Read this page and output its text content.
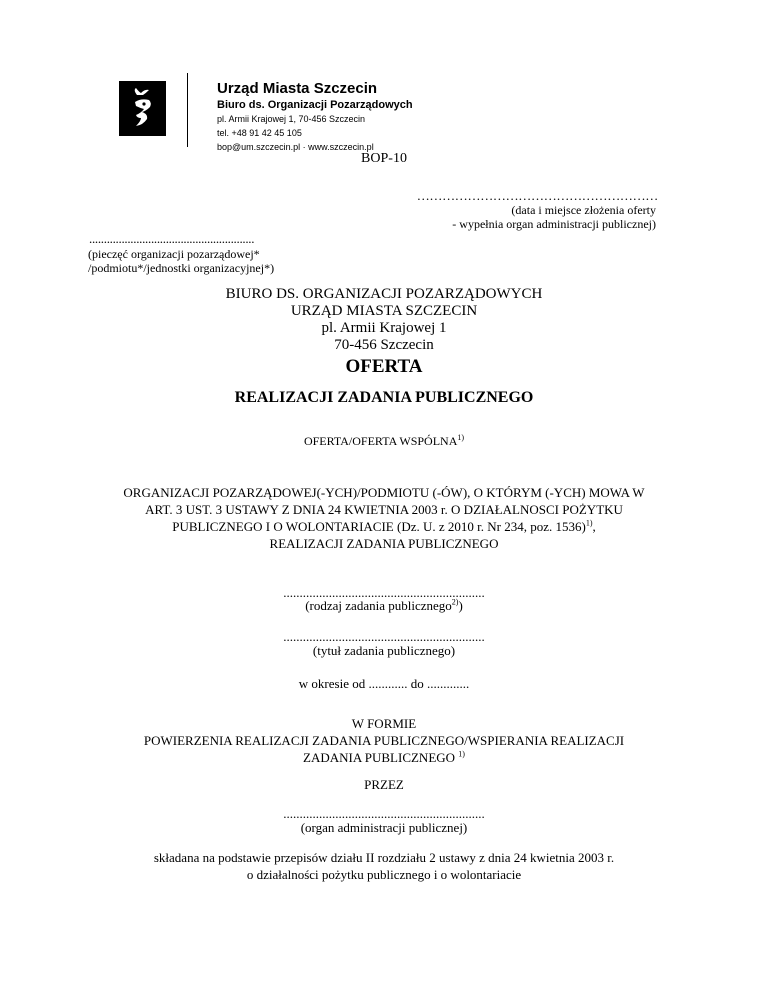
Urząd Miasta Szczecin

Biuro ds. Organizacji Pozarządowych

pl. Armii Krajowej 1, 70-456 Szczecin

tel. +48 91 42 45 105

bop@um.szczecin.pl · www.szczecin.pl

BOP-10
…………………………………………………
(data i miejsce złożenia oferty
- wypełnia organ administracji publicznej)
........................................................
(pieczęć organizacji pozarządowej*
/podmiotu*/jednostki organizacyjnej*)
BIURO DS. ORGANIZACJI POZARZĄDOWYCH
URZĄD MIASTA SZCZECIN
pl. Armii Krajowej 1
70-456 Szczecin
OFERTA
REALIZACJI ZADANIA PUBLICZNEGO
OFERTA/OFERTA WSPÓLNA$^{1)}$
ORGANIZACJI POZARZĄDOWEJ(-YCH)/PODMIOTU (-ÓW), O KTÓRYM (-YCH) MOWA W
ART. 3 UST. 3 USTAWY Z DNIA 24 KWIETNIA 2003 r. O DZIAŁALNOSCI POŻYTKU
PUBLICZNEGO I O WOLONTARIACIE (Dz. U. z 2010 r. Nr 234, poz. 1536)$^{1)}$,
REALIZACJI ZADANIA PUBLICZNEGO
..............................................................
(rodzaj zadania publicznego$^{2)}$)
..............................................................
(tytuł zadania publicznego)
w okresie od ............ do .............
W FORMIE
POWIERZENIA REALIZACJI ZADANIA PUBLICZNEGO/WSPIERANIA REALIZACJI
ZADANIA PUBLICZNEGO $^{1)}$
PRZEZ
..............................................................
(organ administracji publicznej)
składana na podstawie przepisów działu II rozdziału 2 ustawy z dnia 24 kwietnia 2003 r.
o działalności pożytku publicznego i o wolontariacie
